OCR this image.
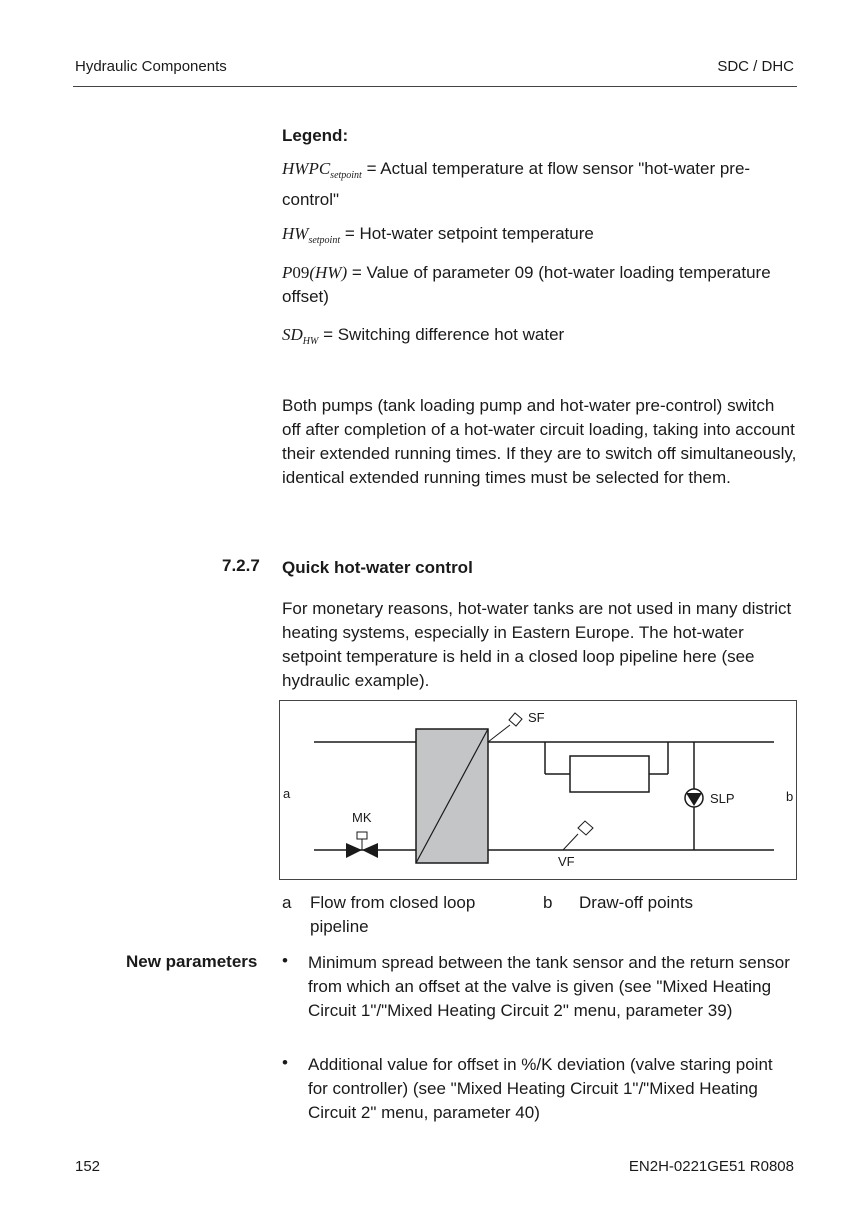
Hydraulic Components	SDC / DHC
Legend:
$HWPC_{setpoint}$ = Actual temperature at flow sensor "hot-water pre-control"
$HW_{setpoint}$ = Hot-water setpoint temperature
P09(HW) = Value of parameter 09 (hot-water loading temperature offset)
$SD_{HW}$ = Switching difference hot water
Both pumps (tank loading pump and hot-water pre-control) switch off after completion of a hot-water circuit loading, taking into account their extended running times. If they are to switch off simultaneously, identical extended running times must be selected for them.
7.2.7 Quick hot-water control
For monetary reasons, hot-water tanks are not used in many district heating systems, especially in Eastern Europe. The hot-water setpoint temperature is held in a closed loop pipeline here (see hydraulic example).
SF
VF
MK
SLP
a	b
a Flow from closed loop pipeline
b Draw-off points
New parameters • Minimum spread between the tank sensor and the return sensor from which an offset at the valve is given (see "Mixed Heating Circuit 1"/"Mixed Heating Circuit 2" menu, parameter 39)
• Additional value for offset in %/K deviation (valve staring point for controller) (see "Mixed Heating Circuit 1"/"Mixed Heating Circuit 2" menu, parameter 40)
152	EN2H-0221GE51 R0808
